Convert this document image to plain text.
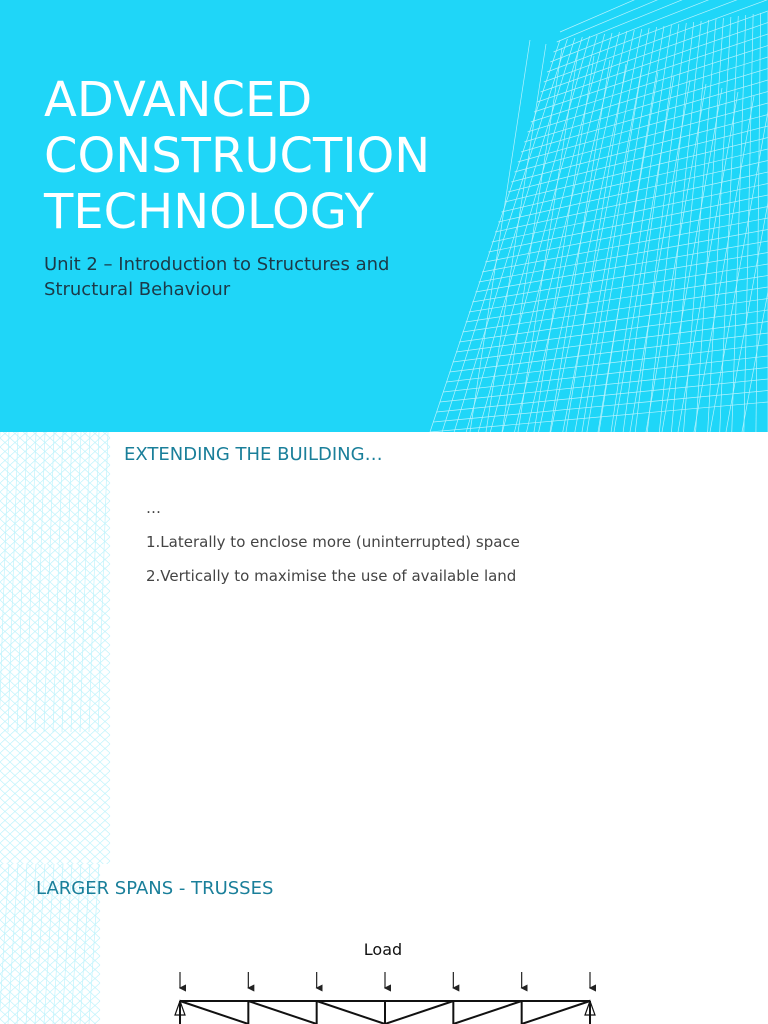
ADVANCED
CONSTRUCTION
TECHNOLOGY

Unit 2 – Introduction to Structures and Structural Behaviour

EXTENDING THE BUILDING…
…
1.Laterally to enclose more (uninterrupted) space
2.Vertically to maximise the use of available land
LARGER SPANS - TRUSSES
Load
